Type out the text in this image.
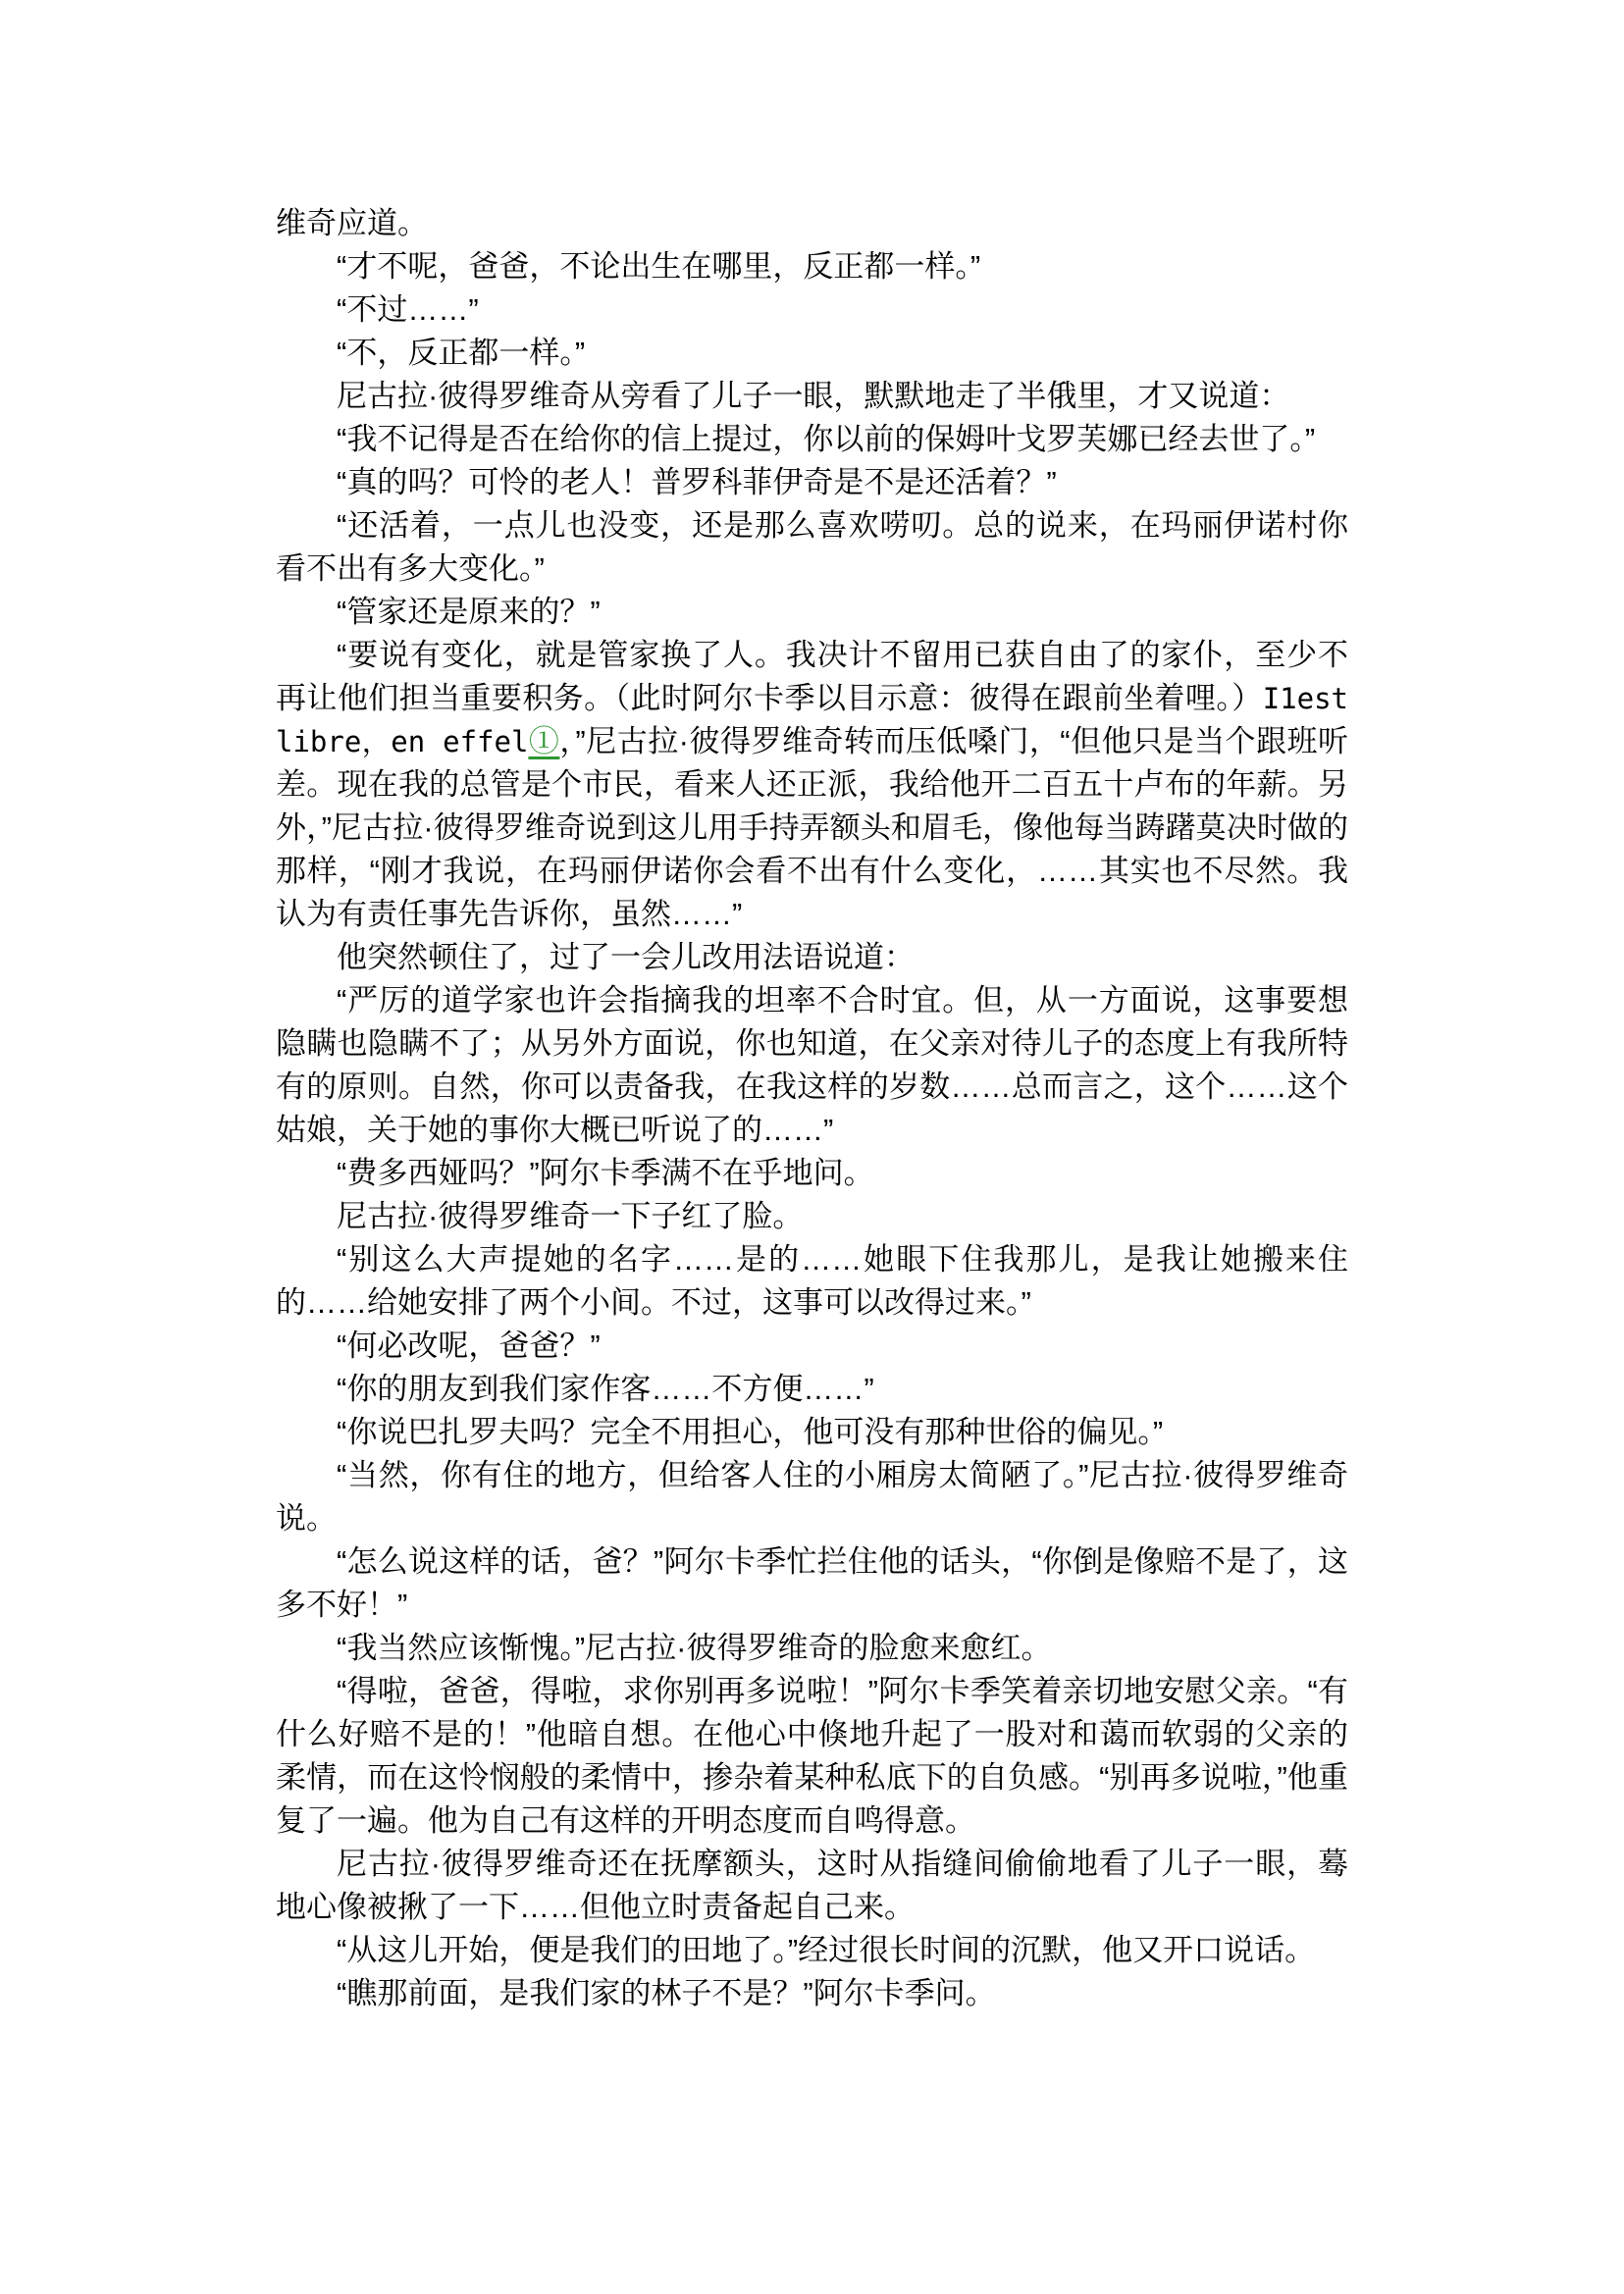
维奇应道。

“才不呢，爸爸，不论出生在哪里，反正都一样。”

“不过……”

“不，反正都一样。”

尼古拉·彼得罗维奇从旁看了儿子一眼，默默地走了半俄里，才又说道：

“我不记得是否在给你的信上提过，你以前的保姆叶戈罗芙娜已经去世了。”

“真的吗？可怜的老人！普罗科菲伊奇是不是还活着？”

“还活着，一点儿也没变，还是那么喜欢唠叨。总的说来，在玛丽伊诺村你看不出有多大变化。”

“管家还是原来的？”

“要说有变化，就是管家换了人。我决计不留用已获自由了的家仆，至少不再让他们担当重要积务。（此时阿尔卡季以目示意：彼得在跟前坐着哩。）I1est libre，en effel①，”尼古拉·彼得罗维奇转而压低嗓门，“但他只是当个跟班听差。现在我的总管是个市民，看来人还正派，我给他开二百五十卢布的年薪。另外，”尼古拉·彼得罗维奇说到这儿用手持弄额头和眉毛，像他每当踌躇莫决时做的那样，“刚才我说，在玛丽伊诺你会看不出有什么变化，……其实也不尽然。我认为有责任事先告诉你，虽然……”

他突然顿住了，过了一会儿改用法语说道：

“严厉的道学家也许会指摘我的坦率不合时宜。但，从一方面说，这事要想隐瞒也隐瞒不了；从另外方面说，你也知道，在父亲对待儿子的态度上有我所特有的原则。自然，你可以责备我，在我这样的岁数……总而言之，这个……这个姑娘，关于她的事你大概已听说了的……”

“费多西娅吗？”阿尔卡季满不在乎地问。

尼古拉·彼得罗维奇一下子红了脸。

“别这么大声提她的名字……是的……她眼下住我那儿，是我让她搬来住的……给她安排了两个小间。不过，这事可以改得过来。”

“何必改呢，爸爸？”

“你的朋友到我们家作客……不方便……”

“你说巴扎罗夫吗？完全不用担心，他可没有那种世俗的偏见。”

“当然，你有住的地方，但给客人住的小厢房太简陋了。”尼古拉·彼得罗维奇说。

“怎么说这样的话，爸？”阿尔卡季忙拦住他的话头，“你倒是像赔不是了，这多不好！”

“我当然应该惭愧。”尼古拉·彼得罗维奇的脸愈来愈红。

“得啦，爸爸，得啦，求你别再多说啦！”阿尔卡季笑着亲切地安慰父亲。“有什么好赔不是的！”他暗自想。在他心中倏地升起了一股对和蔼而软弱的父亲的柔情，而在这怜悯般的柔情中，掺杂着某种私底下的自负感。“别再多说啦，”他重复了一遍。他为自己有这样的开明态度而自鸣得意。

尼古拉·彼得罗维奇还在抚摩额头，这时从指缝间偷偷地看了儿子一眼，蓦地心像被揪了一下……但他立时责备起自己来。

“从这儿开始，便是我们的田地了。”经过很长时间的沉默，他又开口说话。

“瞧那前面，是我们家的林子不是？”阿尔卡季问。
